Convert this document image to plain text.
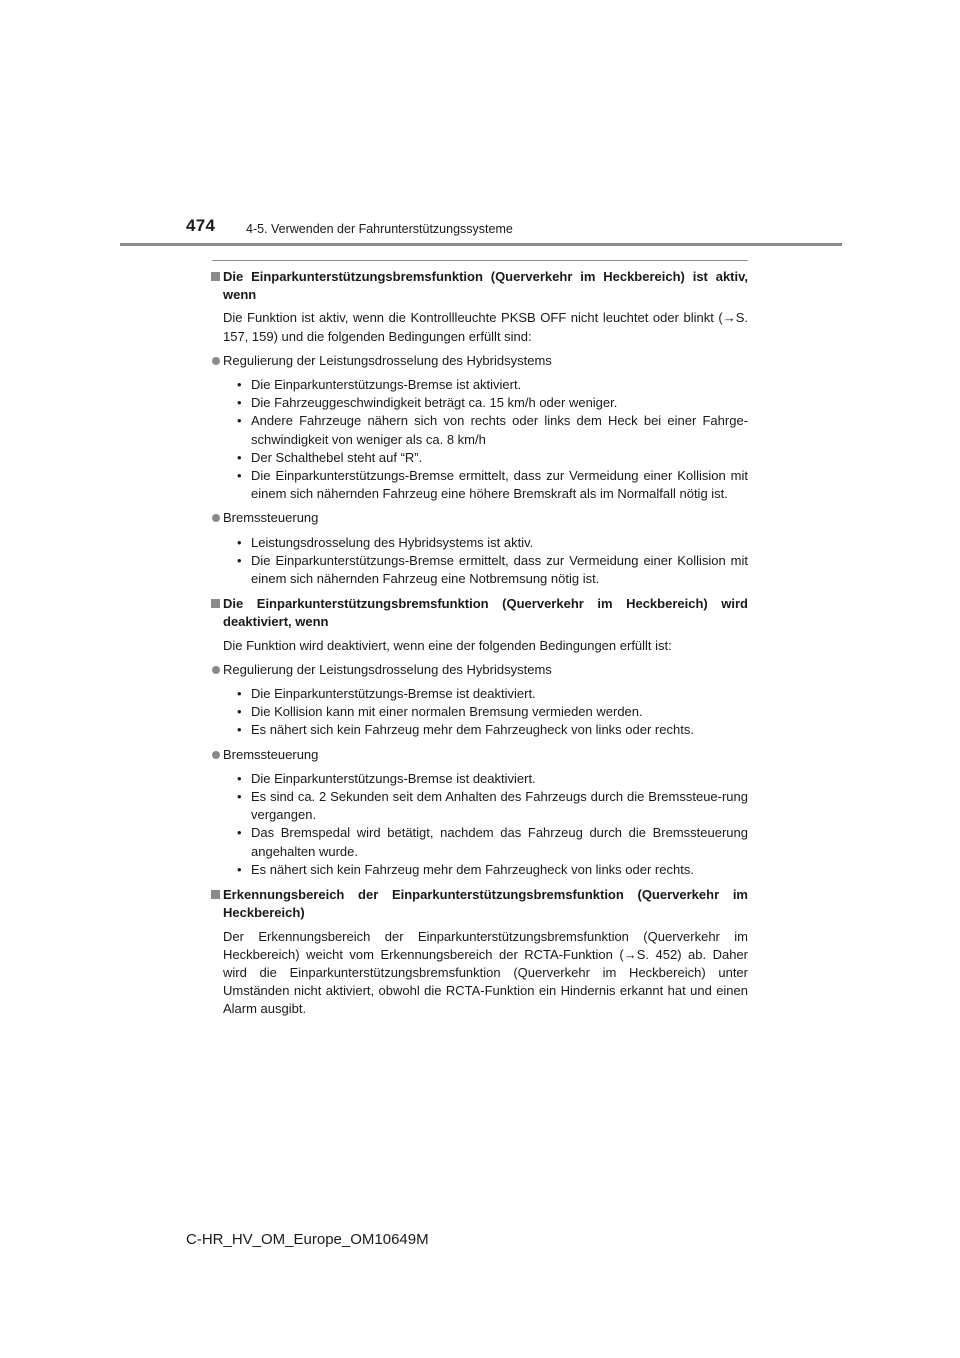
474 4-5. Verwenden der Fahrunterstützungssysteme

Die Einparkunterstützungsbremsfunktion (Querverkehr im Heckbereich) ist aktiv, wenn

Die Funktion ist aktiv, wenn die Kontrollleuchte PKSB OFF nicht leuchtet oder blinkt (→S. 157, 159) und die folgenden Bedingungen erfüllt sind:

Regulierung der Leistungsdrosselung des Hybridsystems
• Die Einparkunterstützungs-Bremse ist aktiviert.
• Die Fahrzeuggeschwindigkeit beträgt ca. 15 km/h oder weniger.
• Andere Fahrzeuge nähern sich von rechts oder links dem Heck bei einer Fahrge-schwindigkeit von weniger als ca. 8 km/h
• Der Schalthebel steht auf “R”.
• Die Einparkunterstützungs-Bremse ermittelt, dass zur Vermeidung einer Kollision mit einem sich nähernden Fahrzeug eine höhere Bremskraft als im Normalfall nötig ist.
Bremssteuerung
• Leistungsdrosselung des Hybridsystems ist aktiv.
• Die Einparkunterstützungs-Bremse ermittelt, dass zur Vermeidung einer Kollision mit einem sich nähernden Fahrzeug eine Notbremsung nötig ist.

Die Einparkunterstützungsbremsfunktion (Querverkehr im Heckbereich) wird deaktiviert, wenn

Die Funktion wird deaktiviert, wenn eine der folgenden Bedingungen erfüllt ist:

Regulierung der Leistungsdrosselung des Hybridsystems
• Die Einparkunterstützungs-Bremse ist deaktiviert.
• Die Kollision kann mit einer normalen Bremsung vermieden werden.
• Es nähert sich kein Fahrzeug mehr dem Fahrzeugheck von links oder rechts.
Bremssteuerung
• Die Einparkunterstützungs-Bremse ist deaktiviert.
• Es sind ca. 2 Sekunden seit dem Anhalten des Fahrzeugs durch die Bremssteue-rung vergangen.
• Das Bremspedal wird betätigt, nachdem das Fahrzeug durch die Bremssteuerung angehalten wurde.
• Es nähert sich kein Fahrzeug mehr dem Fahrzeugheck von links oder rechts.

Erkennungsbereich der Einparkunterstützungsbremsfunktion (Querverkehr im Heckbereich)

Der Erkennungsbereich der Einparkunterstützungsbremsfunktion (Querverkehr im Heckbereich) weicht vom Erkennungsbereich der RCTA-Funktion (→S. 452) ab. Daher wird die Einparkunterstützungsbremsfunktion (Querverkehr im Heckbereich) unter Umständen nicht aktiviert, obwohl die RCTA-Funktion ein Hindernis erkannt hat und einen Alarm ausgibt.

C-HR_HV_OM_Europe_OM10649M
